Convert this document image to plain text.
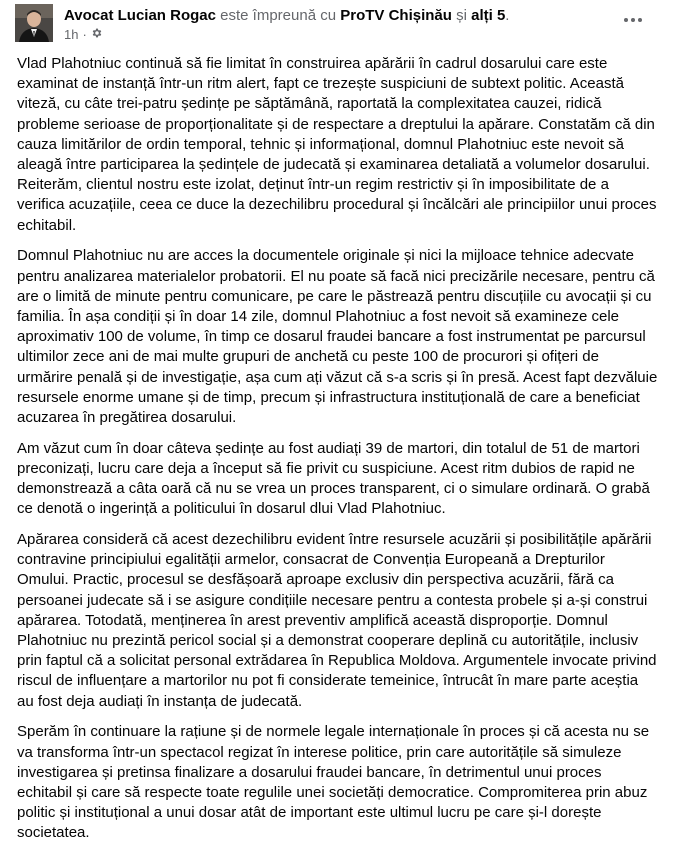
Avocat Lucian Rogac este împreună cu ProTV Chișinău și alți 5.
1h ·

Vlad Plahotniuc continuă să fie limitat în construirea apărării în cadrul dosarului care este examinat de instanță într-un ritm alert, fapt ce trezește suspiciuni de subtext politic. Această viteză, cu câte trei-patru ședințe pe săptămână, raportată la complexitatea cauzei, ridică probleme serioase de proporționalitate și de respectare a dreptului la apărare. Constatăm că din cauza limitărilor de ordin temporal, tehnic și informațional, domnul Plahotniuc este nevoit să aleagă între participarea la ședințele de judecată și examinarea detaliată a volumelor dosarului. Reiterăm, clientul nostru este izolat, deținut într-un regim restrictiv și în imposibilitate de a verifica acuzațiile, ceea ce duce la dezechilibru procedural și încălcări ale principiilor unui proces echitabil.

Domnul Plahotniuc nu are acces la documentele originale și nici la mijloace tehnice adecvate pentru analizarea materialelor probatorii. El nu poate să facă nici precizările necesare, pentru că are o limită de minute pentru comunicare, pe care le păstrează pentru discuțiile cu avocații și cu familia. În așa condiții și în doar 14 zile, domnul Plahotniuc a fost nevoit să examineze cele aproximativ 100 de volume, în timp ce dosarul fraudei bancare a fost instrumentat pe parcursul ultimilor zece ani de mai multe grupuri de anchetă cu peste 100 de procurori și ofițeri de urmărire penală și de investigație, așa cum ați văzut că s-a scris și în presă. Acest fapt dezvăluie resursele enorme umane și de timp, precum și infrastructura instituțională de care a beneficiat acuzarea în pregătirea dosarului.

Am văzut cum în doar câteva ședințe au fost audiați 39 de martori, din totalul de 51 de martori preconizați, lucru care deja a început să fie privit cu suspiciune. Acest ritm dubios de rapid ne demonstrează a câta oară că nu se vrea un proces transparent, ci o simulare ordinară. O grabă ce denotă o ingerință a politicului în dosarul dlui Vlad Plahotniuc.

Apărarea consideră că acest dezechilibru evident între resursele acuzării și posibilitățile apărării contravine principiului egalității armelor, consacrat de Convenția Europeană a Drepturilor Omului. Practic, procesul se desfășoară aproape exclusiv din perspectiva acuzării, fără ca persoanei judecate să i se asigure condițiile necesare pentru a contesta probele și a-și construi apărarea. Totodată, menținerea în arest preventiv amplifică această disproporție. Domnul Plahotniuc nu prezintă pericol social și a demonstrat cooperare deplină cu autoritățile, inclusiv prin faptul că a solicitat personal extrădarea în Republica Moldova. Argumentele invocate privind riscul de influențare a martorilor nu pot fi considerate temeinice, întrucât în mare parte aceștia au fost deja audiați în instanța de judecată.

Sperăm în continuare la rațiune și de normele legale internaționale în proces și că acesta nu se va transforma într-un spectacol regizat în interese politice, prin care autoritățile să simuleze investigarea și pretinsa finalizare a dosarului fraudei bancare, în detrimentul unui proces echitabil și care să respecte toate regulile unei societăți democratice. Compromiterea prin abuz politic și instituțional a unui dosar atât de important este ultimul lucru pe care și-l dorește societatea.
